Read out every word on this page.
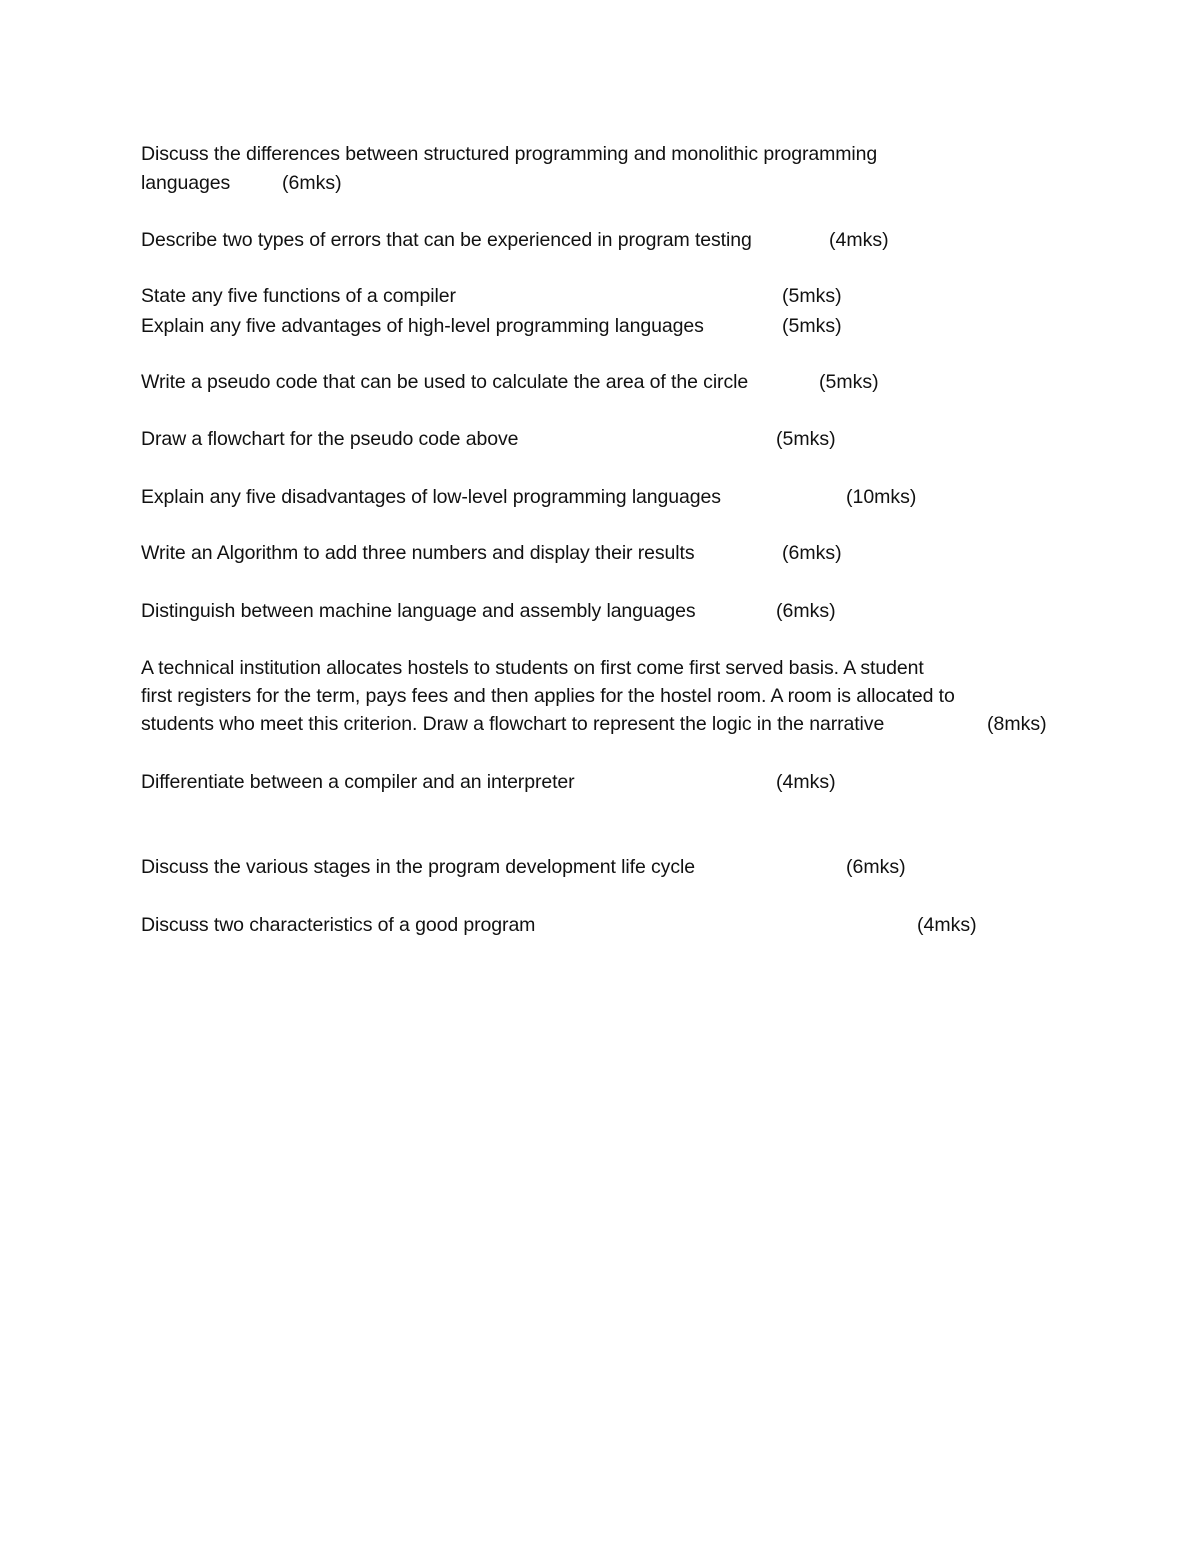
Discuss the differences between structured programming and monolithic programming
languages	(6mks)
Describe two types of errors that can be experienced in program testing	(4mks)
State any five functions of a compiler	(5mks)
Explain any five advantages of high-level programming languages	(5mks)
Write a pseudo code that can be used to calculate the area of the circle	(5mks)
Draw a flowchart for the pseudo code above	(5mks)
Explain any five disadvantages of low-level programming languages	(10mks)
Write an Algorithm to add three numbers and display their results	(6mks)
Distinguish between machine language and assembly languages	(6mks)
A technical institution allocates hostels to students on first come first served basis. A student
first registers for the term, pays fees and then applies for the hostel room. A room is allocated to
students who meet this criterion. Draw a flowchart to represent the logic in the narrative	(8mks)
Differentiate between a compiler and an interpreter	(4mks)
Discuss the various stages in the program development life cycle	(6mks)
Discuss two characteristics of a good program	(4mks)
